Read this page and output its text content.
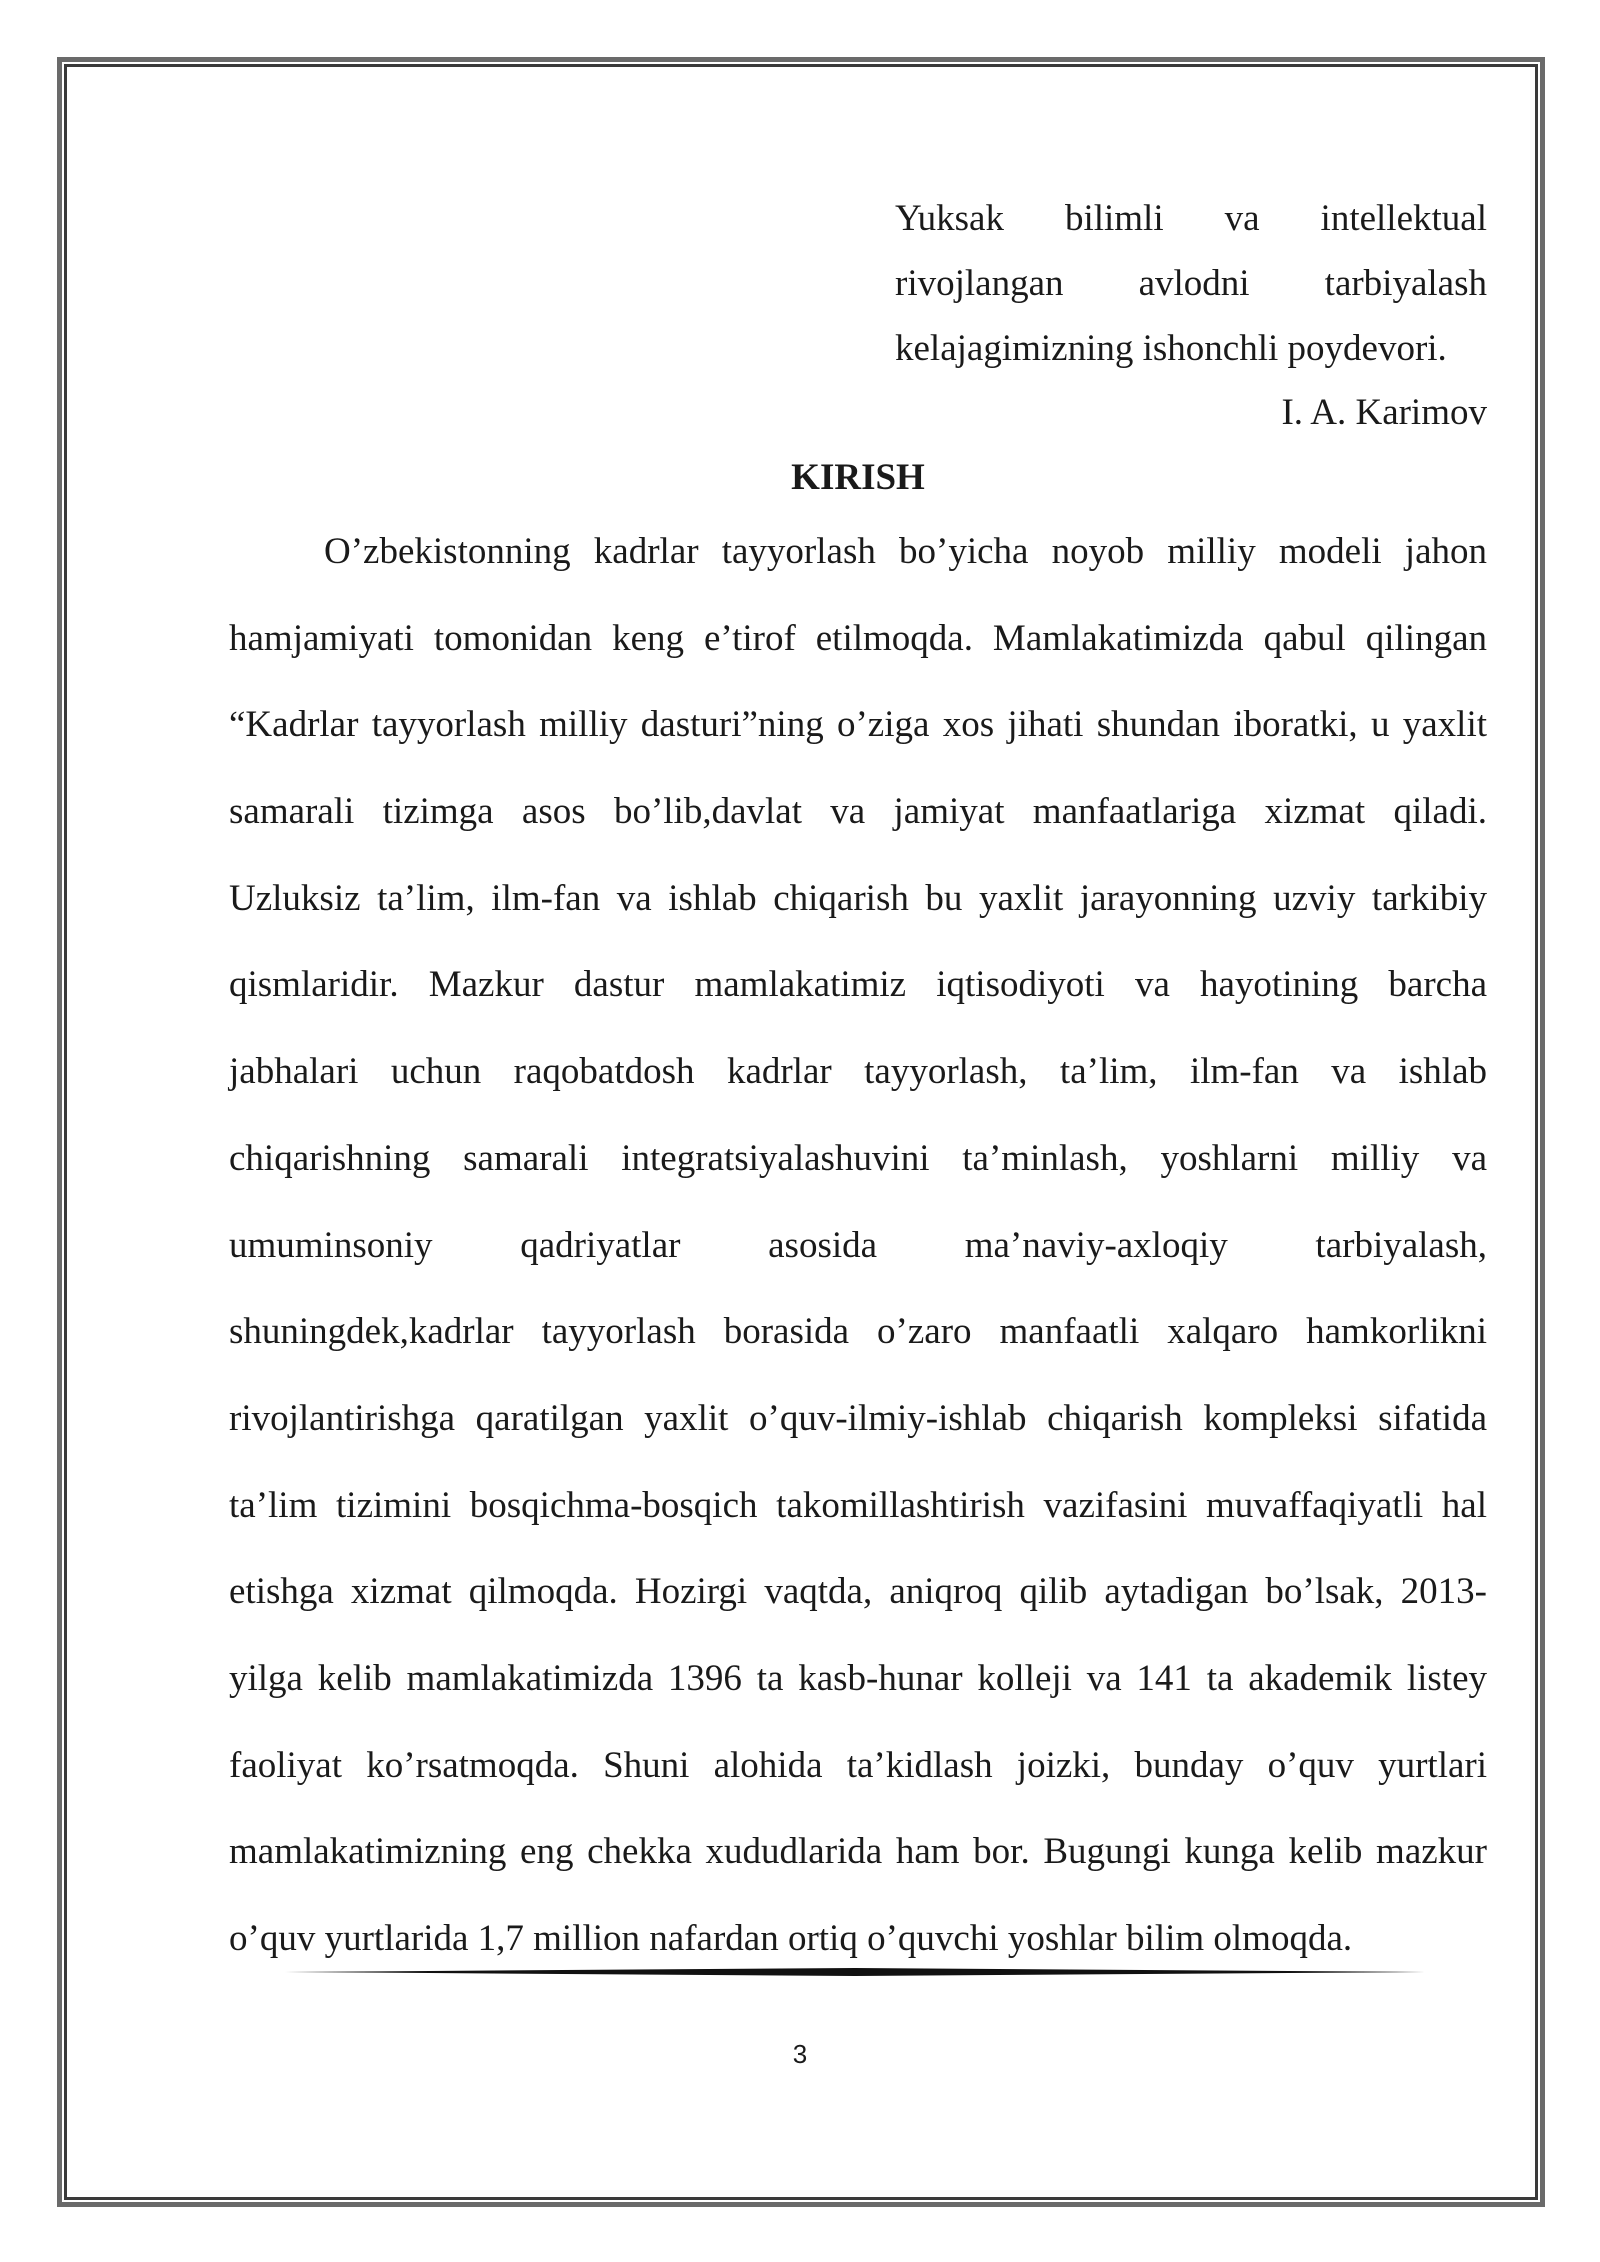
Yuksak bilimli va intellektual
rivojlangan avlodni tarbiyalash
kelajagimizning ishonchli poydevori.
I. A. Karimov
KIRISH
O’zbekistonning kadrlar tayyorlash bo’yicha noyob milliy modeli jahon
hamjamiyati tomonidan keng e’tirof etilmoqda. Mamlakatimizda qabul qilingan
“Kadrlar tayyorlash milliy dasturi”ning o’ziga xos jihati shundan iboratki, u yaxlit
samarali tizimga asos bo’lib,davlat va jamiyat manfaatlariga xizmat qiladi.
Uzluksiz ta’lim, ilm-fan va ishlab chiqarish bu yaxlit jarayonning uzviy tarkibiy
qismlaridir. Mazkur dastur mamlakatimiz iqtisodiyoti va hayotining barcha
jabhalari uchun raqobatdosh kadrlar tayyorlash, ta’lim, ilm-fan va ishlab
chiqarishning samarali integratsiyalashuvini ta’minlash, yoshlarni milliy va
umuminsoniy qadriyatlar asosida ma’naviy-axloqiy tarbiyalash,
shuningdek,kadrlar tayyorlash borasida o’zaro manfaatli xalqaro hamkorlikni
rivojlantirishga qaratilgan yaxlit o’quv-ilmiy-ishlab chiqarish kompleksi sifatida
ta’lim tizimini bosqichma-bosqich takomillashtirish vazifasini muvaffaqiyatli hal
etishga xizmat qilmoqda. Hozirgi vaqtda, aniqroq qilib aytadigan bo’lsak, 2013-
yilga kelib mamlakatimizda 1396 ta kasb-hunar kolleji va 141 ta akademik listey
faoliyat ko’rsatmoqda. Shuni alohida ta’kidlash joizki, bunday o’quv yurtlari
mamlakatimizning eng chekka xududlarida ham bor. Bugungi kunga kelib mazkur
o’quv yurtlarida 1,7 million nafardan ortiq o’quvchi yoshlar bilim olmoqda.
3
